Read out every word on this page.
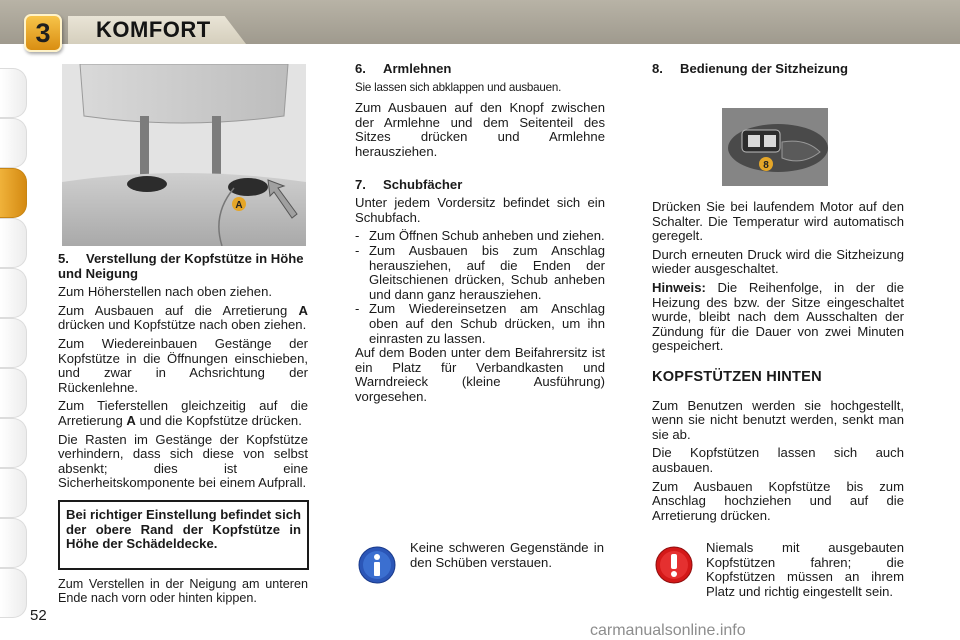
3	KOMFORT
A
5. Verstellung der Kopfstütze in Höhe und Neigung

Zum Höherstellen nach oben ziehen.

Zum Ausbauen auf die Arretierung A drücken und Kopfstütze nach oben ziehen.

Zum Wiedereinbauen Gestänge der Kopfstütze in die Öffnungen einschieben, und zwar in Achsrichtung der Rückenlehne.

Zum Tieferstellen gleichzeitig auf die Arretierung A und die Kopfstütze drücken.

Die Rasten im Gestänge der Kopfstütze verhindern, dass sich diese von selbst absenkt; dies ist eine Sicherheitskomponente bei einem Aufprall.

Bei richtiger Einstellung befindet sich der obere Rand der Kopfstütze in Höhe der Schädeldecke.

Zum Verstellen in der Neigung am unteren Ende nach vorn oder hinten kippen.

6. Armlehnen

Sie lassen sich abklappen und ausbauen.

Zum Ausbauen auf den Knopf zwischen der Armlehne und dem Seitenteil des Sitzes drücken und Armlehne herausziehen.

7. Schubfächer

Unter jedem Vordersitz befindet sich ein Schubfach.

- Zum Öffnen Schub anheben und ziehen.
- Zum Ausbauen bis zum Anschlag herausziehen, auf die Enden der Gleitschienen drücken, Schub anheben und dann ganz herausziehen.
- Zum Wiedereinsetzen am Anschlag oben auf den Schub drücken, um ihn einrasten zu lassen.

Auf dem Boden unter dem Beifahrersitz ist ein Platz für Verbandkasten und Warndreieck (kleine Ausführung) vorgesehen.

Keine schweren Gegenstände in den Schüben verstauen.
8. Bedienung der Sitzheizung
8

Drücken Sie bei laufendem Motor auf den Schalter. Die Temperatur wird automatisch geregelt.

Durch erneuten Druck wird die Sitzheizung wieder ausgeschaltet.

Hinweis: Die Reihenfolge, in der die Heizung des bzw. der Sitze eingeschaltet wurde, bleibt nach dem Ausschalten der Zündung für die Dauer von zwei Minuten gespeichert.

KOPFSTÜTZEN HINTEN

Zum Benutzen werden sie hochgestellt, wenn sie nicht benutzt werden, senkt man sie ab.

Die Kopfstützen lassen sich auch ausbauen.

Zum Ausbauen Kopfstütze bis zum Anschlag hochziehen und auf die Arretierung drücken.

Niemals mit ausgebauten Kopfstützen fahren; die Kopfstützen müssen an ihrem Platz und richtig eingestellt sein.
52
carmanualsonline.info
